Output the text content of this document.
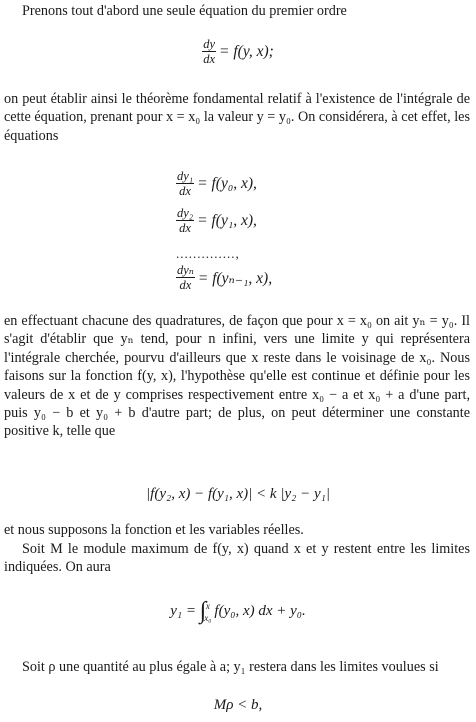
Prenons tout d'abord une seule équation du premier ordre

$\frac{dy}{dx} = f(y$, x);

on peut établir ainsi le théorème fondamental relatif à l'existence de l'intégrale de cette équation, prenant pour x = x₀ la valeur y = y₀. On considérera, à cet effet, les équations

$\frac{\text{dy₁}}{dx} = f(y_0$, x),
$\frac{\text{dy₂}}{dx} = f(y_1$, x),
..............,
$\frac{\text{dyₙ}}{dx} = f(y_{n-1}$, x),

en effectuant chacune des quadratures, de façon que pour x = x₀ on ait yₙ = y₀. Il s'agit d'établir que yₙ tend, pour n infini, vers une limite y qui représentera l'intégrale cherchée, pourvu d'ailleurs que x reste dans le voisinage de x₀. Nous faisons sur la fonction f(y, x), l'hypothèse qu'elle est continue et définie pour les valeurs de x et de y comprises respectivement entre x₀ − a et x₀ + a d'une part, puis y₀ − b et y₀ + b d'autre part; de plus, on peut déterminer une constante positive k, telle que

|f(y₂, x) − f(y₁, x)| < k |y₂ − y₁|

et nous supposons la fonction et les variables réelles.

Soit M le module maximum de f(y, x) quand x et y restent entre les limites indiquées. On aura

y₁ = ∫ x
x₀ f(y₀, x) dx + y₀.

Soit ρ une quantité au plus égale à a; y₁ restera dans les limites voulues si

Mρ < b,
